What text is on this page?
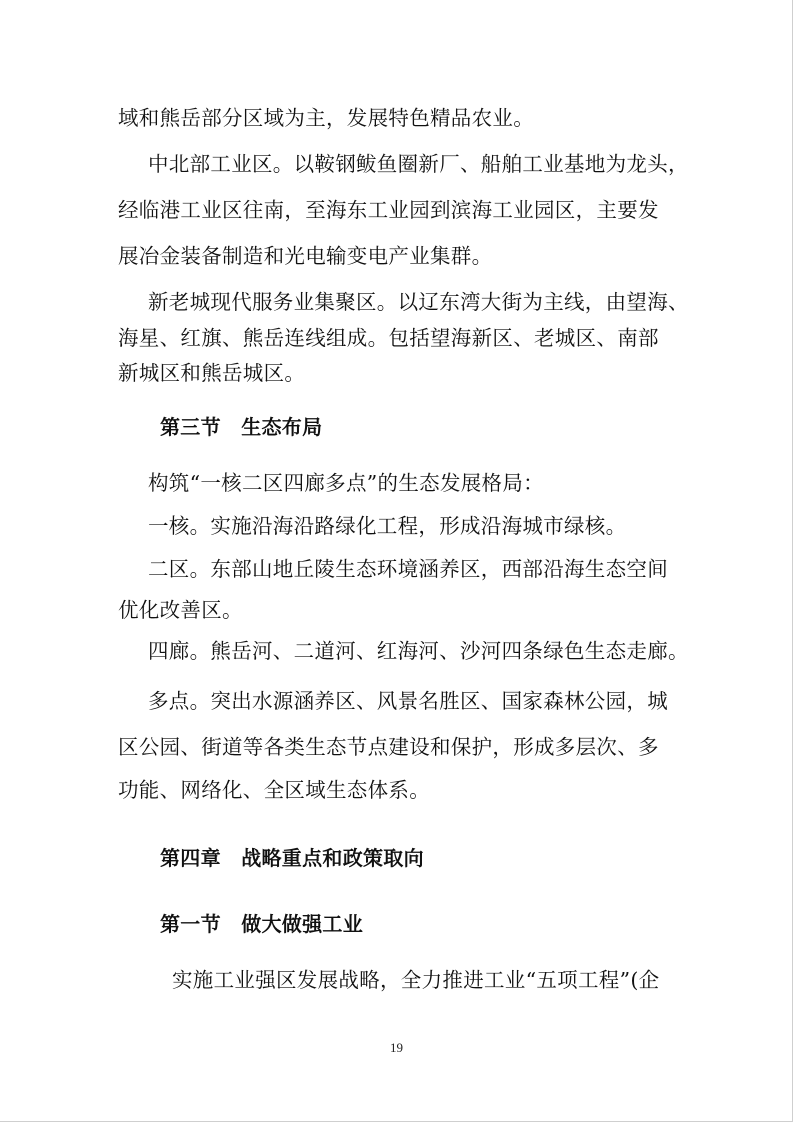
域和熊岳部分区域为主，发展特色精品农业。
中北部工业区。以鞍钢鲅鱼圈新厂、船舶工业基地为龙头，
经临港工业区往南，至海东工业园到滨海工业园区，主要发
展冶金装备制造和光电输变电产业集群。
新老城现代服务业集聚区。以辽东湾大街为主线，由望海、
海星、红旗、熊岳连线组成。包括望海新区、老城区、南部
新城区和熊岳城区。
第三节　生态布局
构筑“一核二区四廊多点”的生态发展格局：
一核。实施沿海沿路绿化工程，形成沿海城市绿核。
二区。东部山地丘陵生态环境涵养区，西部沿海生态空间
优化改善区。
四廊。熊岳河、二道河、红海河、沙河四条绿色生态走廊。
多点。突出水源涵养区、风景名胜区、国家森林公园，城
区公园、街道等各类生态节点建设和保护，形成多层次、多
功能、网络化、全区域生态体系。
第四章　战略重点和政策取向
第一节　做大做强工业
实施工业强区发展战略，全力推进工业“五项工程”(企
19
